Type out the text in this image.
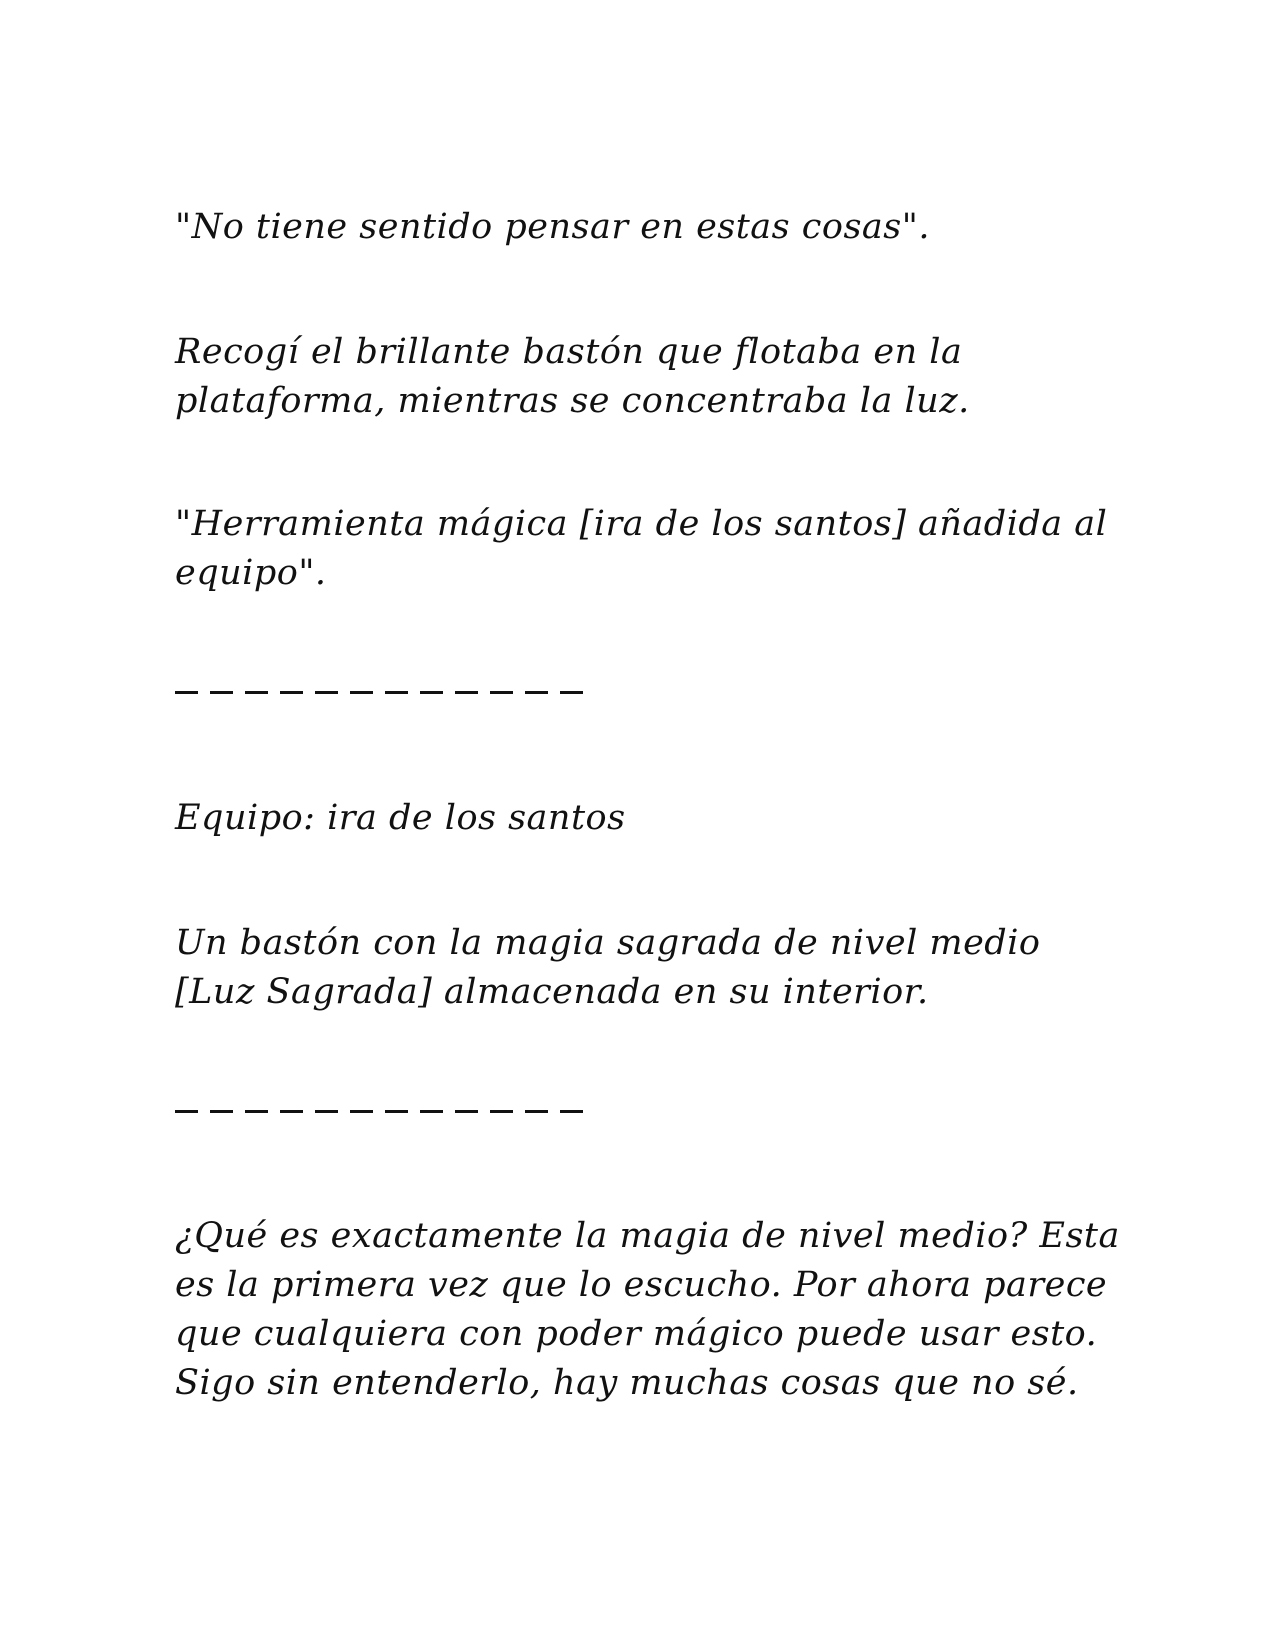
"No tiene sentido pensar en estas cosas".

Recogí el brillante bastón que flotaba en la
plataforma, mientras se concentraba la luz.

"Herramienta mágica [ira de los santos] añadida al
equipo".

Equipo: ira de los santos

Un bastón con la magia sagrada de nivel medio
[Luz Sagrada] almacenada en su interior.

¿Qué es exactamente la magia de nivel medio? Esta
es la primera vez que lo escucho. Por ahora parece
que cualquiera con poder mágico puede usar esto.
Sigo sin entenderlo, hay muchas cosas que no sé.
